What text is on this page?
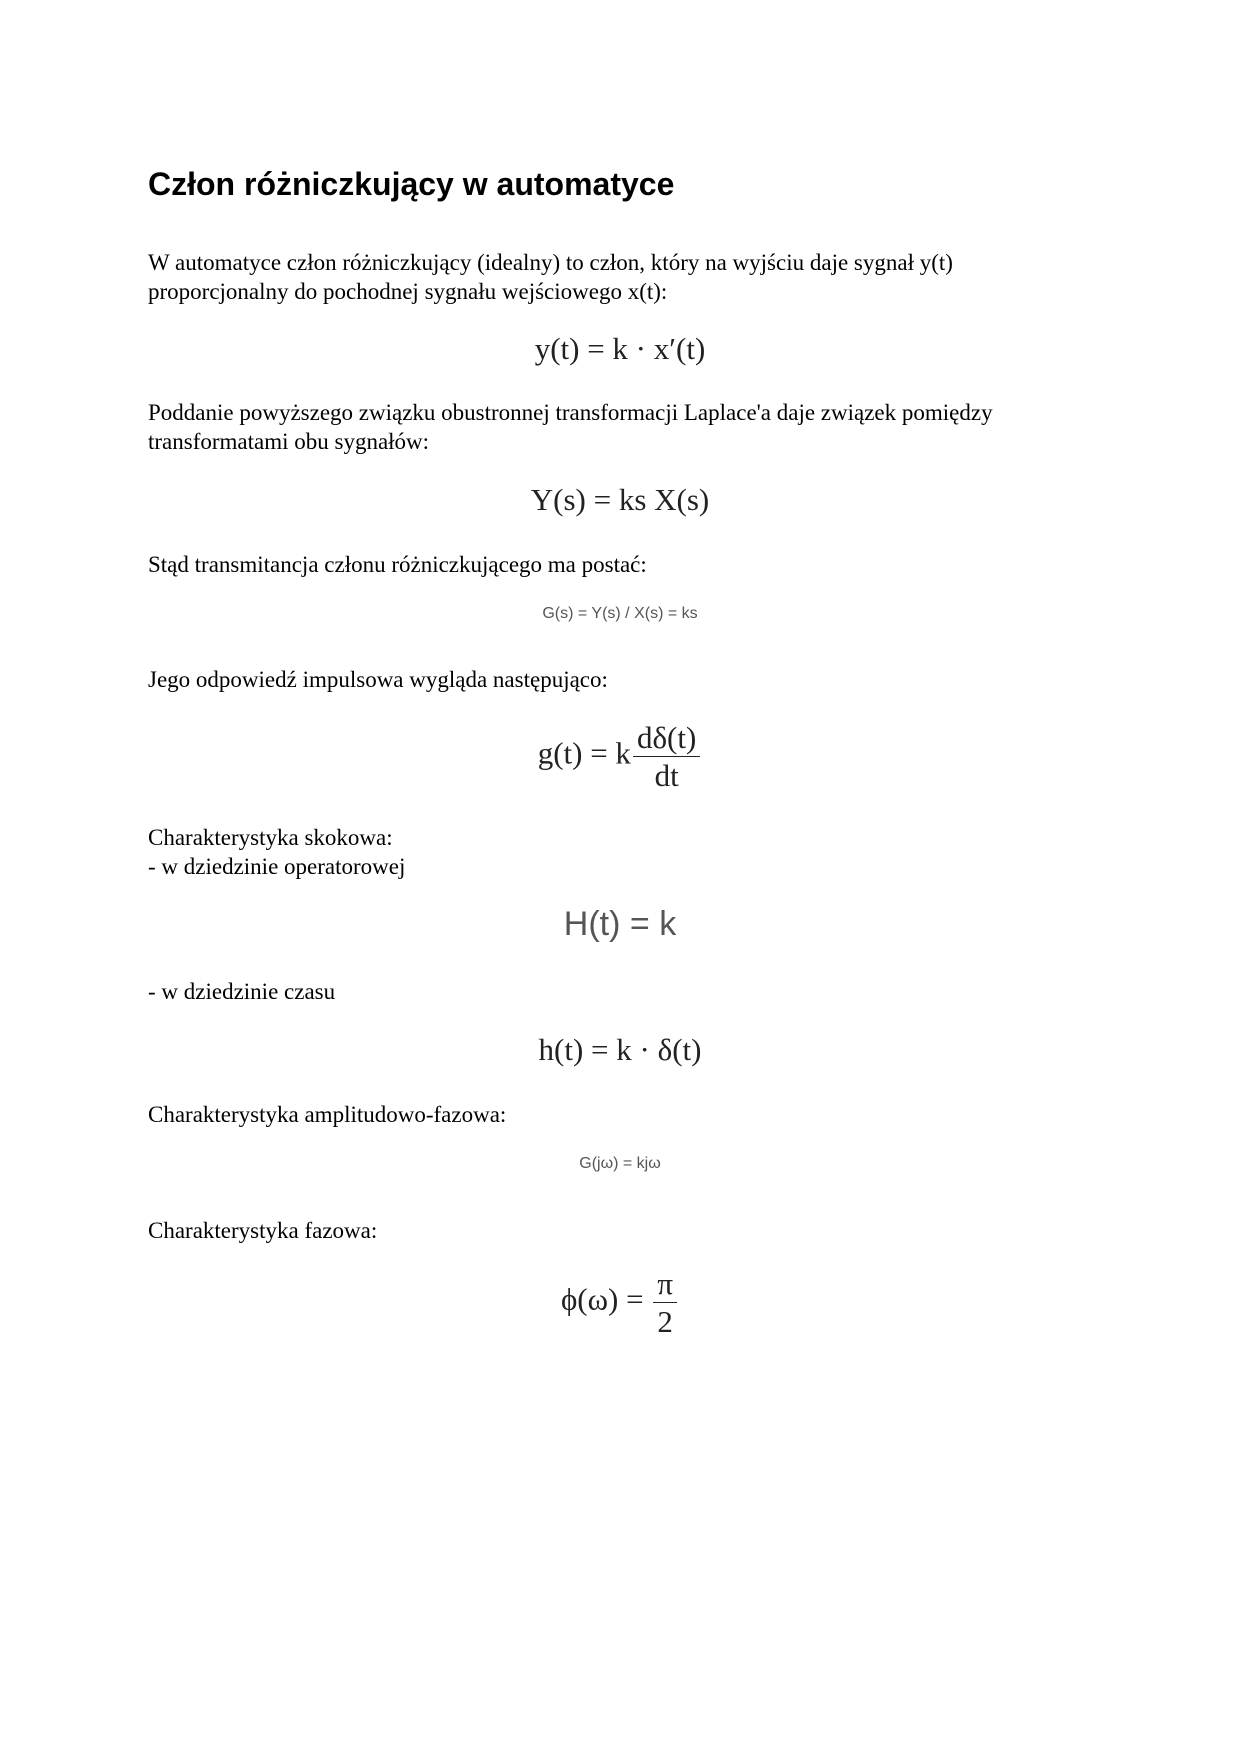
Człon różniczkujący w automatyce

W automatyce człon różniczkujący (idealny) to człon, który na wyjściu daje sygnał y(t)
proporcjonalny do pochodnej sygnału wejściowego x(t):

y(t) = k · x′(t)

Poddanie powyższego związku obustronnej transformacji Laplace'a daje związek pomiędzy
transformatami obu sygnałów:

Y(s) = ks X(s)

Stąd transmitancja członu różniczkującego ma postać:

G(s) = Y(s) / X(s) = ks

Jego odpowiedź impulsowa wygląda następująco:

g(t) = k $\frac{d\delta(t)}{dt}$

Charakterystyka skokowa:
- w dziedzinie operatorowej

H(t) = k

- w dziedzinie czasu

h(t) = k · δ(t)

Charakterystyka amplitudowo-fazowa:

G(jω) = kjω

Charakterystyka fazowa:

$\phi(\omega) = \frac{\pi}{2}$
